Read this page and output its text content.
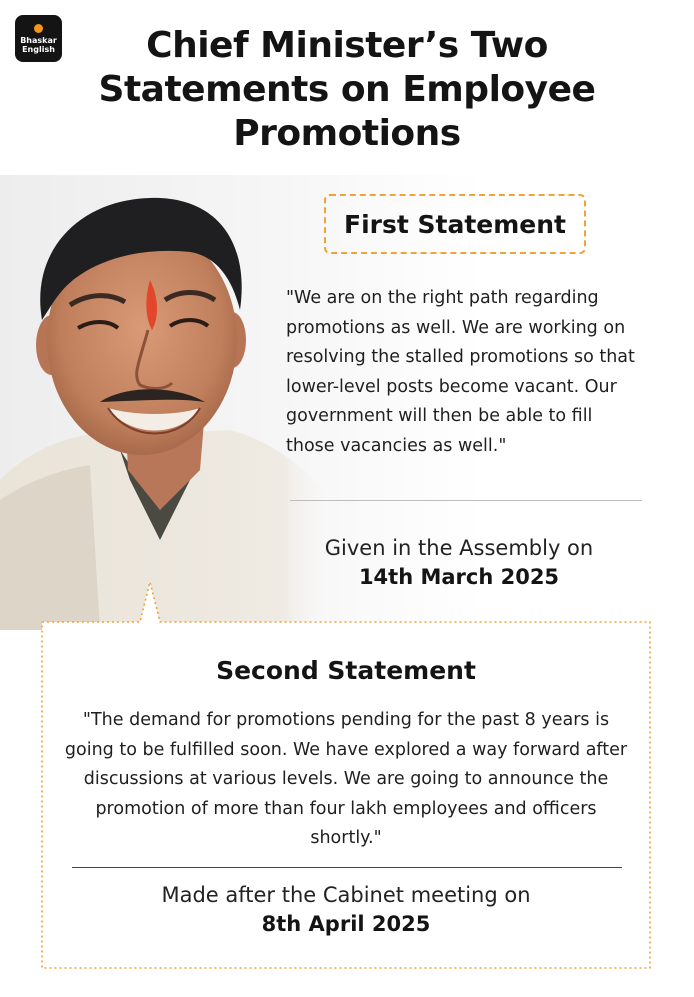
Bhaskar
English	Chief Minister’s Two Statements on Employee Promotions
First Statement

"We are on the right path regarding promotions as well. We are working on resolving the stalled promotions so that lower-level posts become vacant. Our government will then be able to fill those vacancies as well."

Given in the Assembly on
14th March 2025
Second Statement

"The demand for promotions pending for the past 8 years is going to be fulfilled soon. We have explored a way forward after discussions at various levels. We are going to announce the promotion of more than four lakh employees and officers shortly."

Made after the Cabinet meeting on
8th April 2025
